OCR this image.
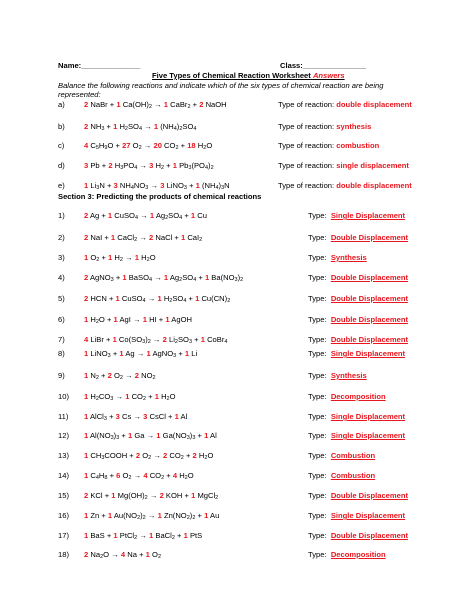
Name:______________	Class:_______________
Five Types of Chemical Reaction Worksheet Answers
Balance the following reactions and indicate which of the six types of chemical reaction are being
represented:
a)	2 NaBr + 1 $Ca(OH)_2 \to 1$ CaBr$_2$ + 2 NaOH	Type of reaction: double displacement
b)	2 $NH_3 + 1$ $H_2SO_4 \to 1$ $(NH_4)_2SO_4$	Type of reaction: synthesis
c)	4 $C_5H_9O + 27$ $O_2 \to 20$ $CO_2 + 18$ $H_2O$	Type of reaction: combustion
d)	3 Pb + 2 $H_3PO_4 \to 3$ $H_2 + 1$ $Pb_3(PO_4)_2$	Type of reaction: single displacement
e)	1 $Li_3N + 3$ $NH_4NO_3 \to 3$ LiNO$_3$ + 1 $(NH_4)_3N$	Type of reaction: double displacement
Section 3: Predicting the products of chemical reactions
1)	2 Ag + 1 CuSO$_4$ → 1 $Ag_2SO_4 + 1$ Cu	Type: Single Displacement
2)	2 NaI + 1 CaCl$_2$ → 2 NaCl + 1 CaI$_2$	Type: Double Displacement
3)	1 $O_2 + 1$ $H_2 \to 1$ $H_2O$	Type: Synthesis
4)	2 AgNO$_3$ + 1 BaSO$_4$ → 1 $Ag_2SO_4 + 1$ $Ba(NO_3)_2$	Type: Double Displacement
5)	2 HCN + 1 CuSO$_4$ → 1 $H_2SO_4 + 1$ $Cu(CN)_2$	Type: Double Displacement
6)	1 $H_2O + 1$ AgI → 1 HI + 1 AgOH	Type: Double Displacement
7)	4 LiBr + 1 $Co(SO_3)_2 \to 2$ $Li_2SO_3 + 1$ CoBr$_4$	Type: Double Displacement
8)	1 LiNO$_3$ + 1 Ag → 1 AgNO$_3$ + 1 Li	Type: Single Displacement
9)	1 $N_2 + 2$ $O_2 \to 2$ $NO_2$	Type: Synthesis
10) 1 $H_2CO_3 \to 1$ $CO_2 + 1$ $H_2O$	Type: Decomposition
11) 1 AlCl$_3$ + 3 Cs → 3 CsCl + 1 Al	Type: Single Displacement
12) 1 $Al(NO_3)_3 + 1$ Ga → 1 $Ga(NO_3)_3 + 1$ Al	Type: Single Displacement
13) 1 $CH_3COOH + 2$ $O_2 \to 2$ $CO_2 + 2$ $H_2O$	Type: Combustion
14) 1 $C_4H_8 + 6$ $O_2 \to 4$ $CO_2 + 4$ $H_2O$	Type: Combustion
15) 2 KCl + 1 $Mg(OH)_2 \to 2$ KOH + 1 MgCl$_2$	Type: Double Displacement
16) 1 Zn + 1 $Au(NO_2)_2 \to 1$ $Zn(NO_2)_2 + 1$ Au	Type: Single Displacement
17) 1 BaS + 1 PtCl$_2$ → 1 BaCl$_2$ + 1 PtS	Type: Double Displacement
18) 2 $Na_2O \to 4$ Na + 1 $O_2$	Type: Decomposition
